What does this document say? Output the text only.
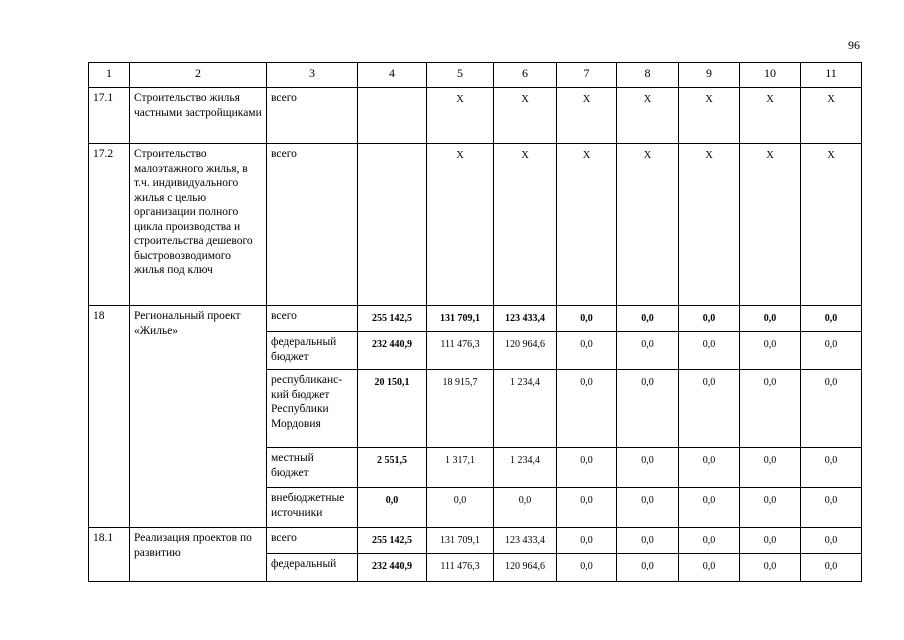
96
1	2	3	4	5	6	7	8	9	10	11
17.1	Строительство жилья частными застройщиками	всего		X	X	X	X	X	X	X
17.2	Строительство малоэтажного жилья, в т.ч. индивидуального жилья с целью организации полного цикла производства и строительства дешевого быстровозводимого жилья под ключ	всего		X	X	X	X	X	X	X
18	Региональный проект «Жилье»	всего	255 142,5	131 709,1	123 433,4	0,0	0,0	0,0	0,0	0,0
		федеральный бюджет	232 440,9	111 476,3	120 964,6	0,0	0,0	0,0	0,0	0,0
		республиканс-кий бюджет Республики Мордовия	20 150,1	18 915,7	1 234,4	0,0	0,0	0,0	0,0	0,0
		местный бюджет	2 551,5	1 317,1	1 234,4	0,0	0,0	0,0	0,0	0,0
		внебюджетные источники	0,0	0,0	0,0	0,0	0,0	0,0	0,0	0,0
18.1	Реализация проектов по развитию	всего	255 142,5	131 709,1	123 433,4	0,0	0,0	0,0	0,0	0,0
		федеральный	232 440,9	111 476,3	120 964,6	0,0	0,0	0,0	0,0	0,0
